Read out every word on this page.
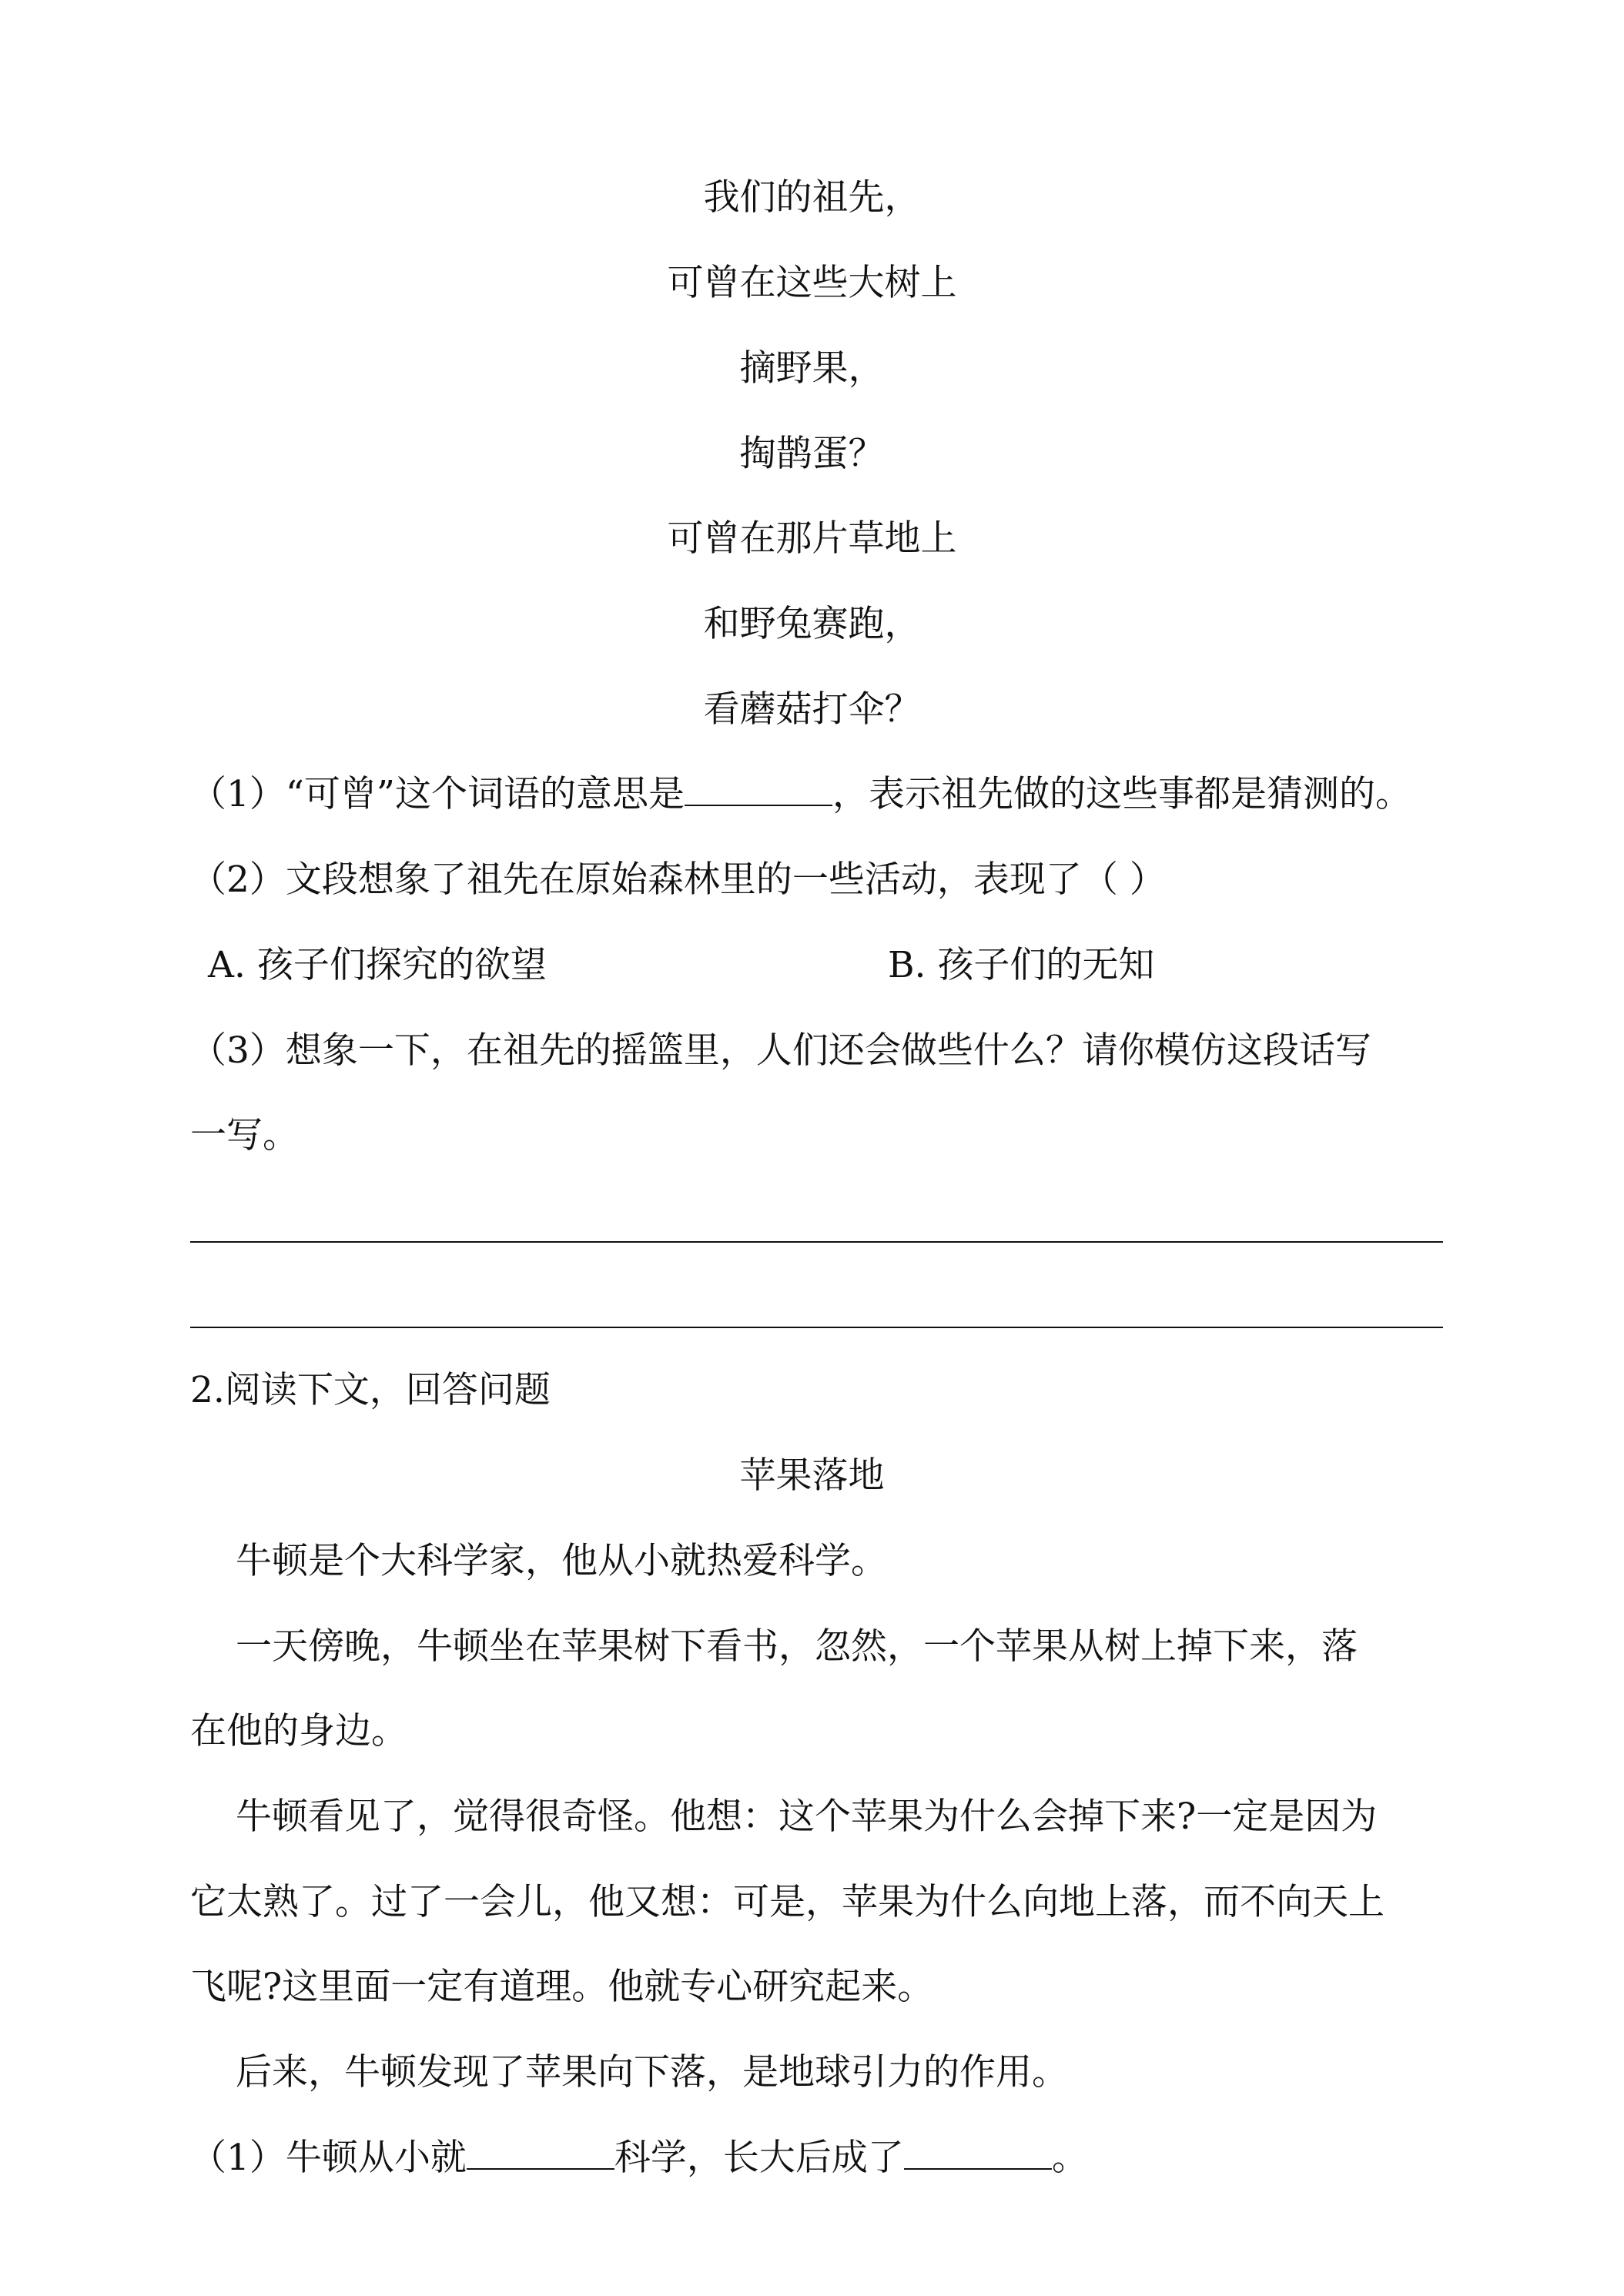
我们的祖先，
可曾在这些大树上
摘野果，
掏鹊蛋？
可曾在那片草地上
和野兔赛跑，
看蘑菇打伞？
（1）“可曾”这个词语的意思是	，表示祖先做的这些事都是猜测的。
（2）文段想象了祖先在原始森林里的一些活动，表现了（ ）
A. 孩子们探究的欲望	B. 孩子们的无知
（3）想象一下，在祖先的摇篮里，人们还会做些什么？请你模仿这段话写
一写。
2.阅读下文，回答问题
苹果落地
牛顿是个大科学家，他从小就热爱科学。
一天傍晚，牛顿坐在苹果树下看书，忽然，一个苹果从树上掉下来，落
在他的身边。
牛顿看见了，觉得很奇怪。他想：这个苹果为什么会掉下来?一定是因为
它太熟了。过了一会儿，他又想：可是，苹果为什么向地上落，而不向天上
飞呢?这里面一定有道理。他就专心研究起来。
后来，牛顿发现了苹果向下落，是地球引力的作用。
（1）牛顿从小就	科学，长大后成了	。
